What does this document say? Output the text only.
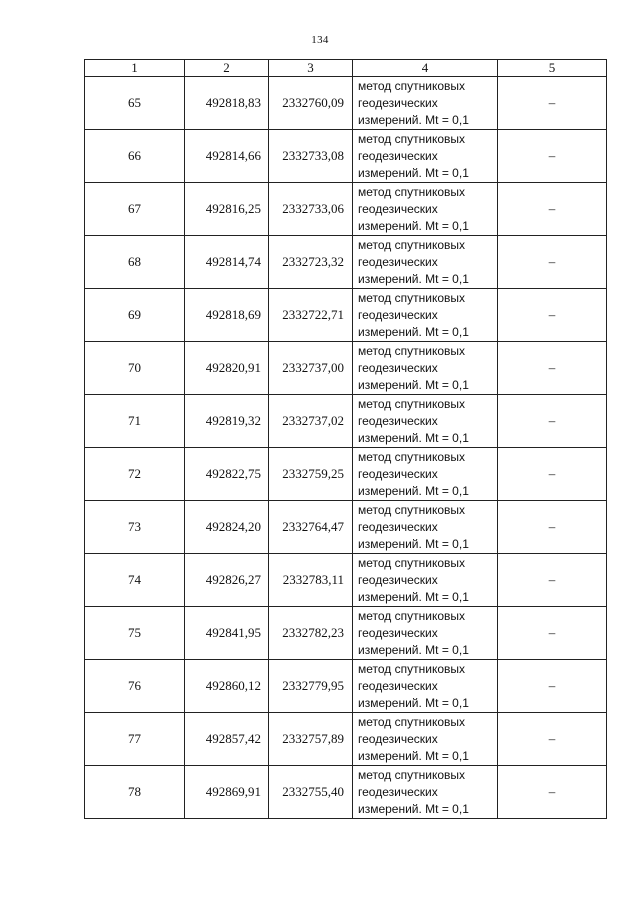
134
1	2	3	4	5
65	492818,83	2332760,09	метод спутниковых
геодезических
измерений. Mt = 0,1	–
66	492814,66	2332733,08	метод спутниковых
геодезических
измерений. Mt = 0,1	–
67	492816,25	2332733,06	метод спутниковых
геодезических
измерений. Mt = 0,1	–
68	492814,74	2332723,32	метод спутниковых
геодезических
измерений. Mt = 0,1	–
69	492818,69	2332722,71	метод спутниковых
геодезических
измерений. Mt = 0,1	–
70	492820,91	2332737,00	метод спутниковых
геодезических
измерений. Mt = 0,1	–
71	492819,32	2332737,02	метод спутниковых
геодезических
измерений. Mt = 0,1	–
72	492822,75	2332759,25	метод спутниковых
геодезических
измерений. Mt = 0,1	–
73	492824,20	2332764,47	метод спутниковых
геодезических
измерений. Mt = 0,1	–
74	492826,27	2332783,11	метод спутниковых
геодезических
измерений. Mt = 0,1	–
75	492841,95	2332782,23	метод спутниковых
геодезических
измерений. Mt = 0,1	–
76	492860,12	2332779,95	метод спутниковых
геодезических
измерений. Mt = 0,1	–
77	492857,42	2332757,89	метод спутниковых
геодезических
измерений. Mt = 0,1	–
78	492869,91	2332755,40	метод спутниковых
геодезических
измерений. Mt = 0,1	–
